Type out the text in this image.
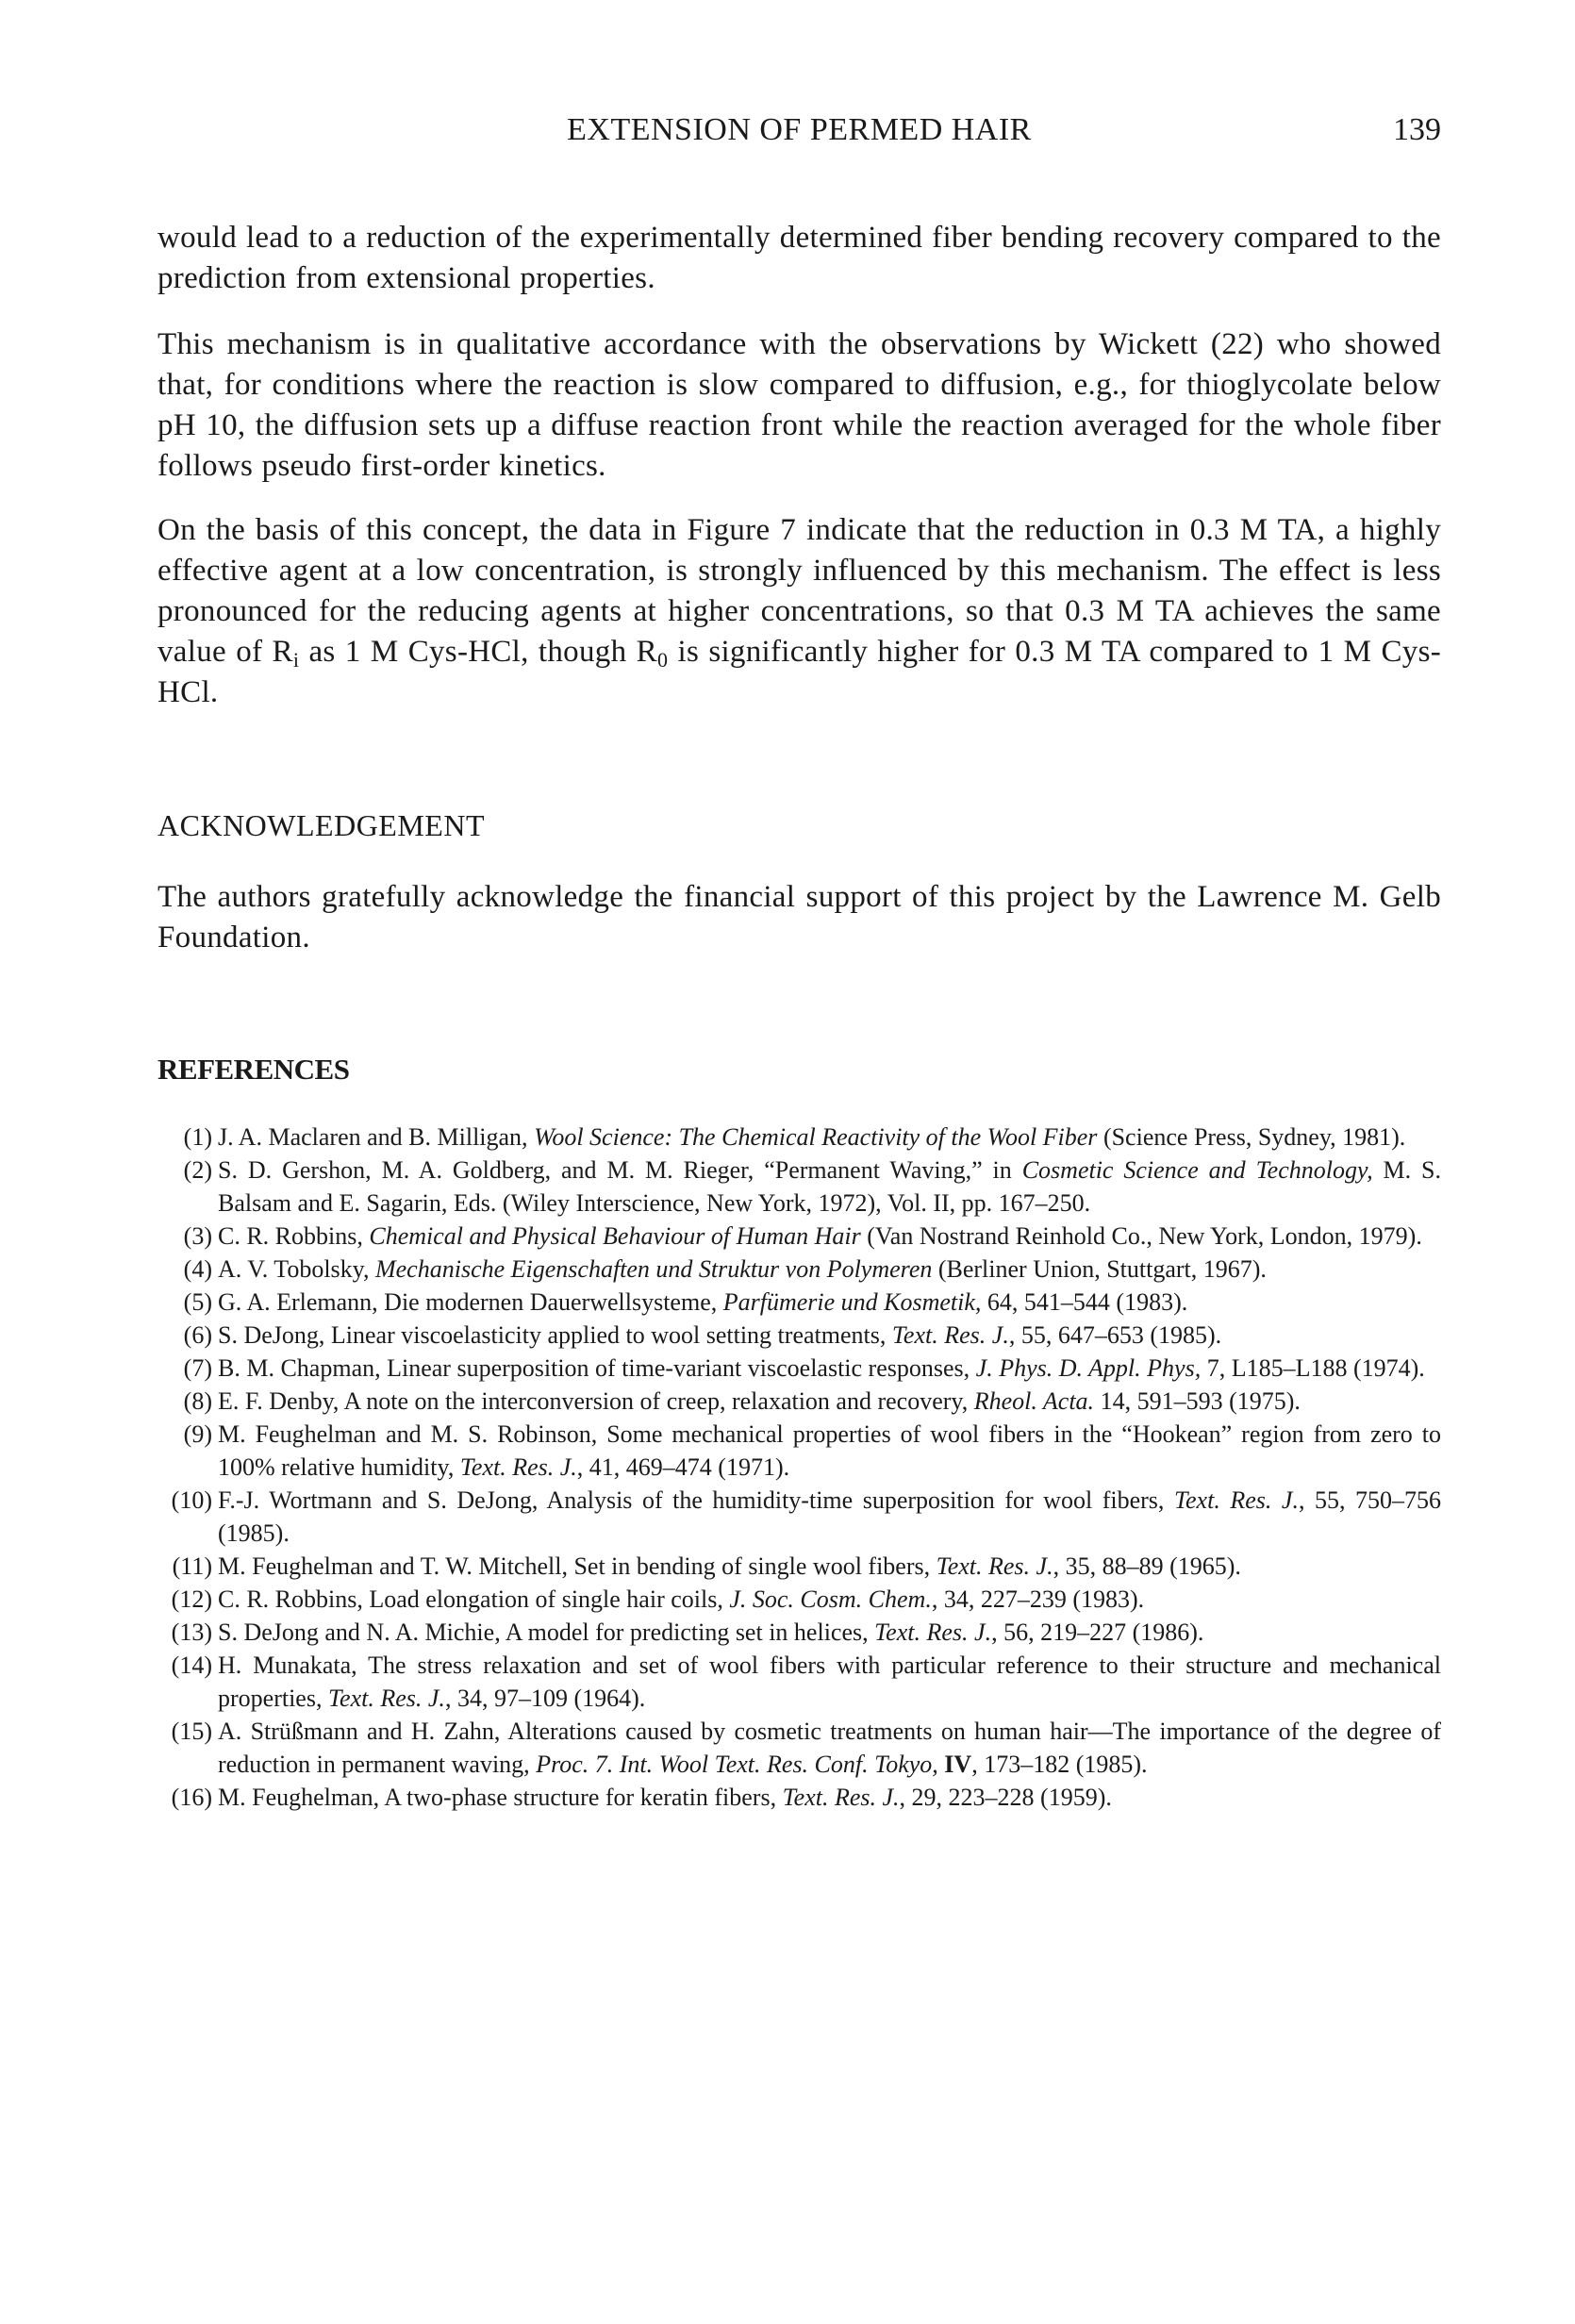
EXTENSION OF PERMED HAIR	139
would lead to a reduction of the experimentally determined fiber bending recovery compared to the prediction from extensional properties.
This mechanism is in qualitative accordance with the observations by Wickett (22) who showed that, for conditions where the reaction is slow compared to diffusion, e.g., for thioglycolate below pH 10, the diffusion sets up a diffuse reaction front while the reaction averaged for the whole fiber follows pseudo first-order kinetics.
On the basis of this concept, the data in Figure 7 indicate that the reduction in 0.3 M TA, a highly effective agent at a low concentration, is strongly influenced by this mechanism. The effect is less pronounced for the reducing agents at higher concentrations, so that 0.3 M TA achieves the same value of $R_i$ as 1 M Cys-HCl, though $R_0$ is significantly higher for 0.3 M TA compared to 1 M Cys-HCl.
ACKNOWLEDGEMENT
The authors gratefully acknowledge the financial support of this project by the Lawrence M. Gelb Foundation.
REFERENCES
(1) J. A. Maclaren and B. Milligan, Wool Science: The Chemical Reactivity of the Wool Fiber (Science Press, Sydney, 1981).
(2) S. D. Gershon, M. A. Goldberg, and M. M. Rieger, “Permanent Waving,” in Cosmetic Science and Technology, M. S. Balsam and E. Sagarin, Eds. (Wiley Interscience, New York, 1972), Vol. II, pp. 167–250.
(3) C. R. Robbins, Chemical and Physical Behaviour of Human Hair (Van Nostrand Reinhold Co., New York, London, 1979).
(4) A. V. Tobolsky, Mechanische Eigenschaften und Struktur von Polymeren (Berliner Union, Stuttgart, 1967).
(5) G. A. Erlemann, Die modernen Dauerwellsysteme, Parfümerie und Kosmetik, 64, 541–544 (1983).
(6) S. DeJong, Linear viscoelasticity applied to wool setting treatments, Text. Res. J., 55, 647–653 (1985).
(7) B. M. Chapman, Linear superposition of time-variant viscoelastic responses, J. Phys. D. Appl. Phys, 7, L185–L188 (1974).
(8) E. F. Denby, A note on the interconversion of creep, relaxation and recovery, Rheol. Acta. 14, 591–593 (1975).
(9) M. Feughelman and M. S. Robinson, Some mechanical properties of wool fibers in the “Hookean” region from zero to 100% relative humidity, Text. Res. J., 41, 469–474 (1971).
(10) F.-J. Wortmann and S. DeJong, Analysis of the humidity-time superposition for wool fibers, Text. Res. J., 55, 750–756 (1985).
(11) M. Feughelman and T. W. Mitchell, Set in bending of single wool fibers, Text. Res. J., 35, 88–89 (1965).
(12) C. R. Robbins, Load elongation of single hair coils, J. Soc. Cosm. Chem., 34, 227–239 (1983).
(13) S. DeJong and N. A. Michie, A model for predicting set in helices, Text. Res. J., 56, 219–227 (1986).
(14) H. Munakata, The stress relaxation and set of wool fibers with particular reference to their structure and mechanical properties, Text. Res. J., 34, 97–109 (1964).
(15) A. Strüßmann and H. Zahn, Alterations caused by cosmetic treatments on human hair—The importance of the degree of reduction in permanent waving, Proc. 7. Int. Wool Text. Res. Conf. Tokyo, IV, 173–182 (1985).
(16) M. Feughelman, A two-phase structure for keratin fibers, Text. Res. J., 29, 223–228 (1959).
